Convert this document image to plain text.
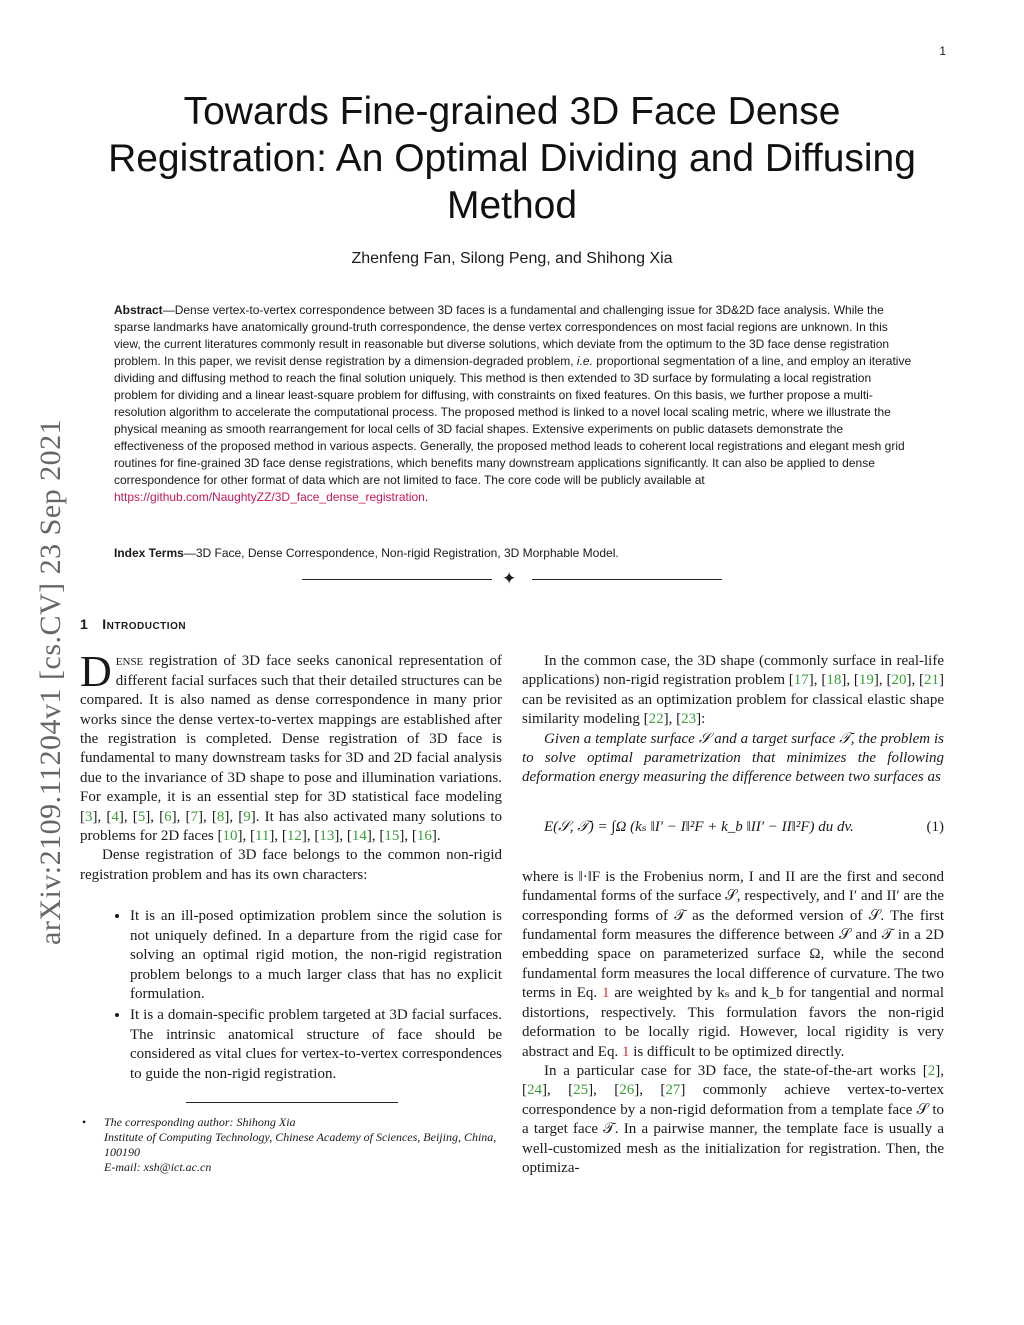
1
arXiv:2109.11204v1 [cs.CV] 23 Sep 2021
Towards Fine-grained 3D Face Dense Registration: An Optimal Dividing and Diffusing Method
Zhenfeng Fan, Silong Peng, and Shihong Xia
Abstract—Dense vertex-to-vertex correspondence between 3D faces is a fundamental and challenging issue for 3D&2D face analysis. While the sparse landmarks have anatomically ground-truth correspondence, the dense vertex correspondences on most facial regions are unknown. In this view, the current literatures commonly result in reasonable but diverse solutions, which deviate from the optimum to the 3D face dense registration problem. In this paper, we revisit dense registration by a dimension-degraded problem, i.e. proportional segmentation of a line, and employ an iterative dividing and diffusing method to reach the final solution uniquely. This method is then extended to 3D surface by formulating a local registration problem for dividing and a linear least-square problem for diffusing, with constraints on fixed features. On this basis, we further propose a multi-resolution algorithm to accelerate the computational process. The proposed method is linked to a novel local scaling metric, where we illustrate the physical meaning as smooth rearrangement for local cells of 3D facial shapes. Extensive experiments on public datasets demonstrate the effectiveness of the proposed method in various aspects. Generally, the proposed method leads to coherent local registrations and elegant mesh grid routines for fine-grained 3D face dense registrations, which benefits many downstream applications significantly. It can also be applied to dense correspondence for other format of data which are not limited to face. The core code will be publicly available at https://github.com/NaughtyZZ/3D_face_dense_registration.
Index Terms—3D Face, Dense Correspondence, Non-rigid Registration, 3D Morphable Model.
✦
1 Introduction

Dense registration of 3D face seeks canonical representation of different facial surfaces such that their detailed structures can be compared. It is also named as dense correspondence in many prior works since the dense vertex-to-vertex mappings are established after the registration is completed. Dense registration of 3D face is fundamental to many downstream tasks for 3D and 2D facial analysis due to the invariance of 3D shape to pose and illumination variations. For example, it is an essential step for 3D statistical face modeling [3], [4], [5], [6], [7], [8], [9]. It has also activated many solutions to problems for 2D faces [10], [11], [12], [13], [14], [15], [16].

Dense registration of 3D face belongs to the common non-rigid registration problem and has its own characters:

• It is an ill-posed optimization problem since the solution is not uniquely defined. In a departure from the rigid case for solving an optimal rigid motion, the non-rigid registration problem belongs to a much larger class that has no explicit formulation.
• It is a domain-specific problem targeted at 3D facial surfaces. The intrinsic anatomical structure of face should be considered as vital clues for vertex-to-vertex correspondences to guide the non-rigid registration.
• The corresponding author: Shihong Xia
Institute of Computing Technology, Chinese Academy of Sciences, Beijing, China, 100190
E-mail: xsh@ict.ac.cn

In the common case, the 3D shape (commonly surface in real-life applications) non-rigid registration problem [17], [18], [19], [20], [21] can be revisited as an optimization problem for classical elastic shape similarity modeling [22], [23]:

Given a template surface 𝒮 and a target surface 𝒯, the problem is to solve optimal parametrization that minimizes the following deformation energy measuring the difference between two surfaces as

E(𝒮, 𝒯) = ∫Ω (kₛ ‖I′ − I‖²F + k_b ‖II′ − II‖²F) du dv.	(1)

where is ‖·‖F is the Frobenius norm, I and II are the first and second fundamental forms of the surface 𝒮, respectively, and I′ and II′ are the corresponding forms of 𝒯 as the deformed version of 𝒮. The first fundamental form measures the difference between 𝒮 and 𝒯 in a 2D embedding space on parameterized surface Ω, while the second fundamental form measures the local difference of curvature. The two terms in Eq. 1 are weighted by kₛ and k_b for tangential and normal distortions, respectively. This formulation favors the non-rigid deformation to be locally rigid. However, local rigidity is very abstract and Eq. 1 is difficult to be optimized directly.

In a particular case for 3D face, the state-of-the-art works [2], [24], [25], [26], [27] commonly achieve vertex-to-vertex correspondence by a non-rigid deformation from a template face 𝒮 to a target face 𝒯. In a pairwise manner, the template face is usually a well-customized mesh as the initialization for registration. Then, the optimiza-
